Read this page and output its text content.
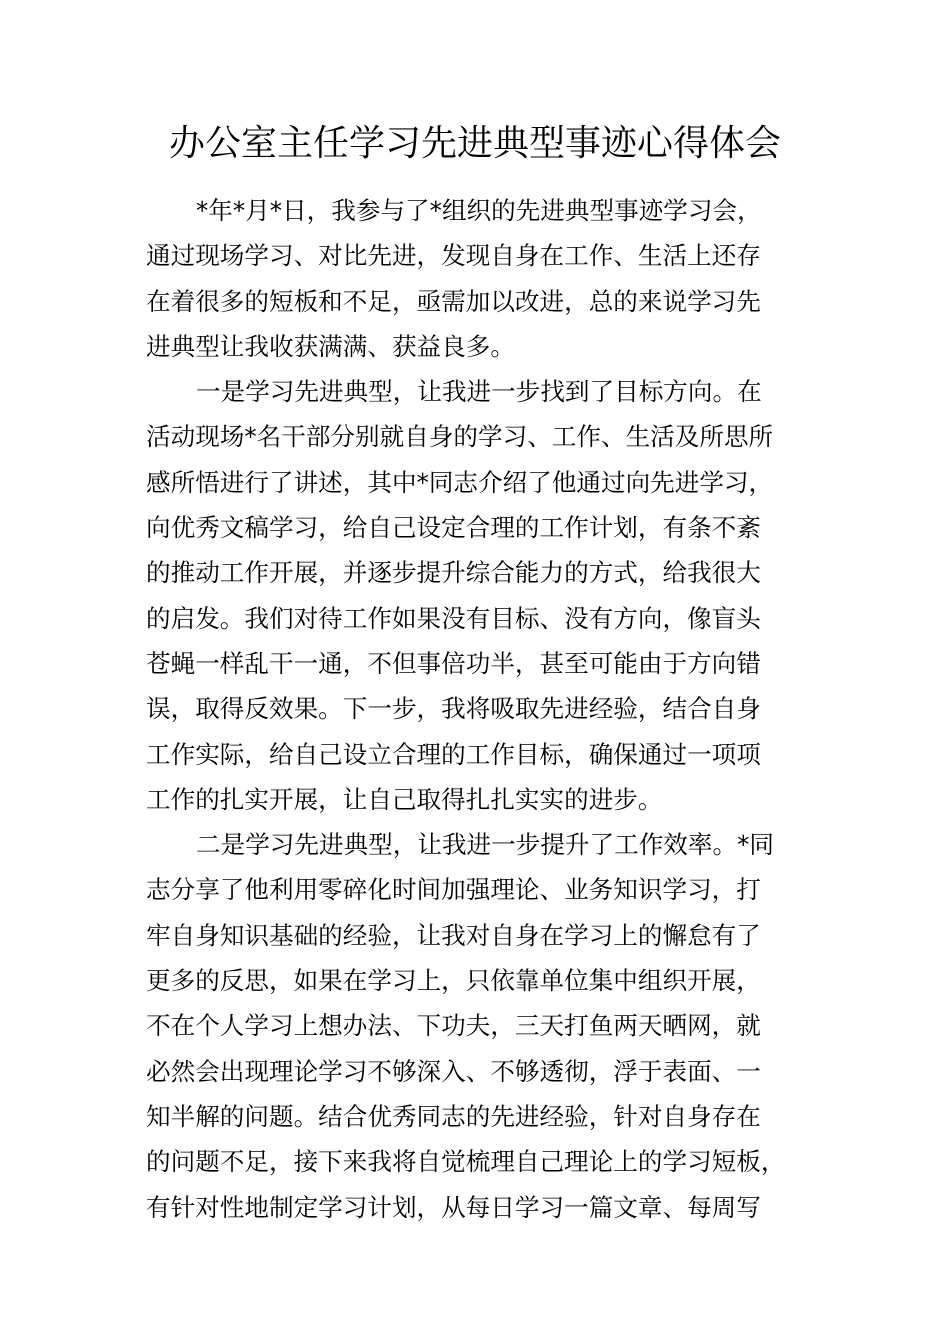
办公室主任学习先进典型事迹心得体会
*年*月*日，我参与了*组织的先进典型事迹学习会，
通过现场学习、对比先进，发现自身在工作、生活上还存
在着很多的短板和不足，亟需加以改进，总的来说学习先
进典型让我收获满满、获益良多。
一是学习先进典型，让我进一步找到了目标方向。在
活动现场*名干部分别就自身的学习、工作、生活及所思所
感所悟进行了讲述，其中*同志介绍了他通过向先进学习，
向优秀文稿学习，给自己设定合理的工作计划，有条不紊
的推动工作开展，并逐步提升综合能力的方式，给我很大
的启发。我们对待工作如果没有目标、没有方向，像盲头
苍蝇一样乱干一通，不但事倍功半，甚至可能由于方向错
误，取得反效果。下一步，我将吸取先进经验，结合自身
工作实际，给自己设立合理的工作目标，确保通过一项项
工作的扎实开展，让自己取得扎扎实实的进步。
二是学习先进典型，让我进一步提升了工作效率。*同
志分享了他利用零碎化时间加强理论、业务知识学习，打
牢自身知识基础的经验，让我对自身在学习上的懈怠有了
更多的反思，如果在学习上，只依靠单位集中组织开展，
不在个人学习上想办法、下功夫，三天打鱼两天晒网，就
必然会出现理论学习不够深入、不够透彻，浮于表面、一
知半解的问题。结合优秀同志的先进经验，针对自身存在
的问题不足，接下来我将自觉梳理自己理论上的学习短板，
有针对性地制定学习计划，从每日学习一篇文章、每周写
